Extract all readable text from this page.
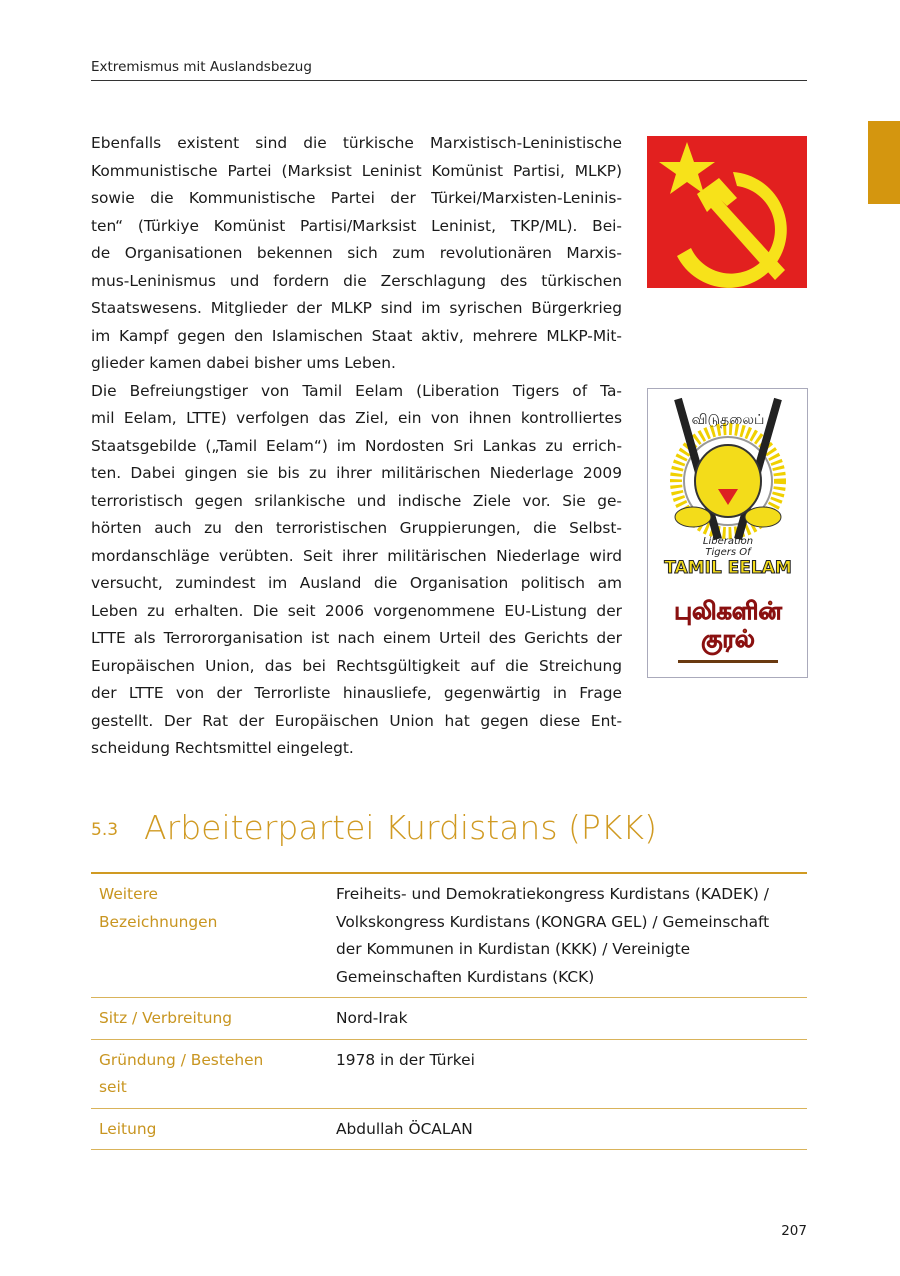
Extremismus mit Auslandsbezug
Ebenfalls existent sind die türkische Marxistisch-Leninistische
Kommunistische Partei (Marksist Leninist Komünist Partisi, MLKP)
sowie die Kommunistische Partei der Türkei/Marxisten-Leninis-
ten“ (Türkiye Komünist Partisi/Marksist Leninist, TKP/ML). Bei-
de Organisationen bekennen sich zum revolutionären Marxis-
mus-Leninismus und fordern die Zerschlagung des türkischen
Staatswesens. Mitglieder der MLKP sind im syrischen Bürgerkrieg
im Kampf gegen den Islamischen Staat aktiv, mehrere MLKP-Mit-
glieder kamen dabei bisher ums Leben.
Die Befreiungstiger von Tamil Eelam (Liberation Tigers of Ta-
mil Eelam, LTTE) verfolgen das Ziel, ein von ihnen kontrolliertes
Staatsgebilde („Tamil Eelam“) im Nordosten Sri Lankas zu errich-
ten. Dabei gingen sie bis zu ihrer militärischen Niederlage 2009
terroristisch gegen srilankische und indische Ziele vor. Sie ge-
hörten auch zu den terroristischen Gruppierungen, die Selbst-
mordanschläge verübten. Seit ihrer militärischen Niederlage wird
versucht, zumindest im Ausland die Organisation politisch am
Leben zu erhalten. Die seit 2006 vorgenommene EU-Listung der
LTTE als Terrororganisation ist nach einem Urteil des Gerichts der
Europäischen Union, das bei Rechtsgültigkeit auf die Streichung
der LTTE von der Terrorliste hinausliefe, gegenwärtig in Frage
gestellt. Der Rat der Europäischen Union hat gegen diese Ent-
scheidung Rechtsmittel eingelegt.
விடுதலைப்
Liberation
Tigers Of
TAMIL EELAM
புலிகளின்
குரல்
5.3 Arbeiterpartei Kurdistans (PKK)
Weitere Bezeichnungen	Freiheits- und Demokratiekongress Kurdistans (KADEK) / Volkskongress Kurdistans (KONGRA GEL) / Gemeinschaft der Kommunen in Kurdistan (KKK) / Vereinigte Gemeinschaften Kurdistans (KCK)
Sitz / Verbreitung	Nord-Irak
Gründung / Bestehen seit	1978 in der Türkei
Leitung	Abdullah ÖCALAN
207
